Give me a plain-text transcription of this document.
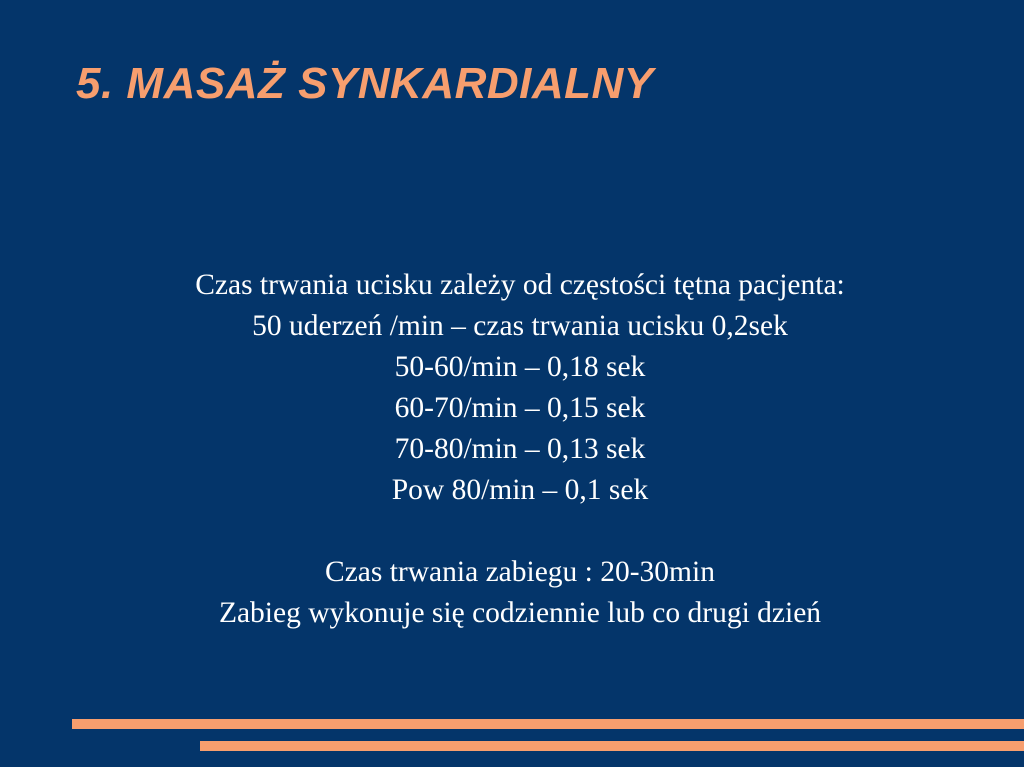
5. MASAŻ SYNKARDIALNY
Czas trwania ucisku zależy od częstości tętna pacjenta:
50 uderzeń /min – czas trwania ucisku 0,2sek
50-60/min – 0,18 sek
60-70/min – 0,15 sek
70-80/min – 0,13 sek
Pow 80/min – 0,1 sek
Czas trwania zabiegu : 20-30min
Zabieg wykonuje się codziennie lub co drugi dzień
